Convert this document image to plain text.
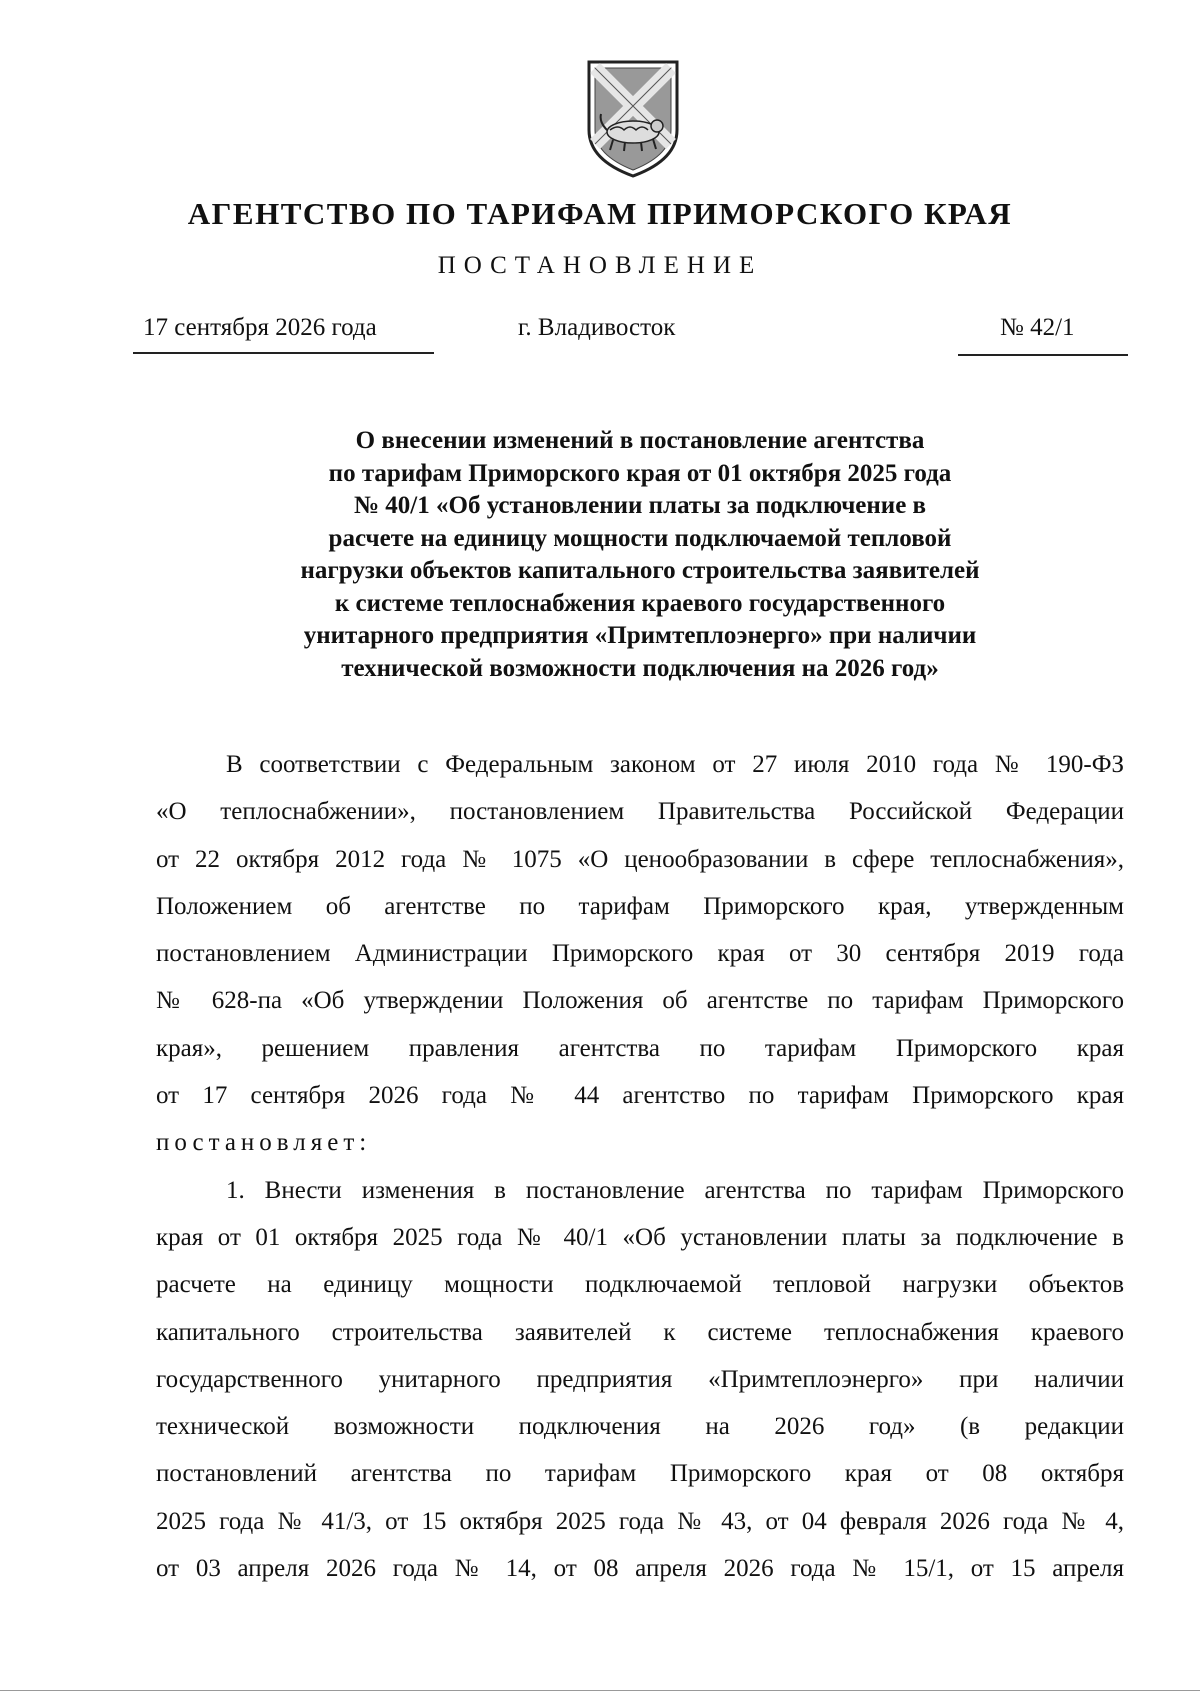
АГЕНТСТВО ПО ТАРИФАМ ПРИМОРСКОГО КРАЯ
ПОСТАНОВЛЕНИЕ
17 сентября 2026 года	г. Владивосток	№ 42/1
О внесении изменений в постановление агентства
по тарифам Приморского края от 01 октября 2025 года
№ 40/1 «Об установлении платы за подключение в
расчете на единицу мощности подключаемой тепловой
нагрузки объектов капитального строительства заявителей
к системе теплоснабжения краевого государственного
унитарного предприятия «Примтеплоэнерго» при наличии
технической возможности подключения на 2026 год»
В соответствии с Федеральным законом от 27 июля 2010 года № 190-ФЗ
«О теплоснабжении», постановлением Правительства Российской Федерации
от 22 октября 2012 года № 1075 «О ценообразовании в сфере теплоснабжения»,
Положением об агентстве по тарифам Приморского края, утвержденным
постановлением Администрации Приморского края от 30 сентября 2019 года
№ 628-па «Об утверждении Положения об агентстве по тарифам Приморского
края», решением правления агентства по тарифам Приморского края
от 17 сентября 2026 года № 44 агентство по тарифам Приморского края
постановляет:
1. Внести изменения в постановление агентства по тарифам Приморского
края от 01 октября 2025 года № 40/1 «Об установлении платы за подключение в
расчете на единицу мощности подключаемой тепловой нагрузки объектов
капитального строительства заявителей к системе теплоснабжения краевого
государственного унитарного предприятия «Примтеплоэнерго» при наличии
технической возможности подключения на 2026 год» (в редакции
постановлений агентства по тарифам Приморского края от 08 октября
2025 года № 41/3, от 15 октября 2025 года № 43, от 04 февраля 2026 года № 4,
от 03 апреля 2026 года № 14, от 08 апреля 2026 года № 15/1, от 15 апреля
